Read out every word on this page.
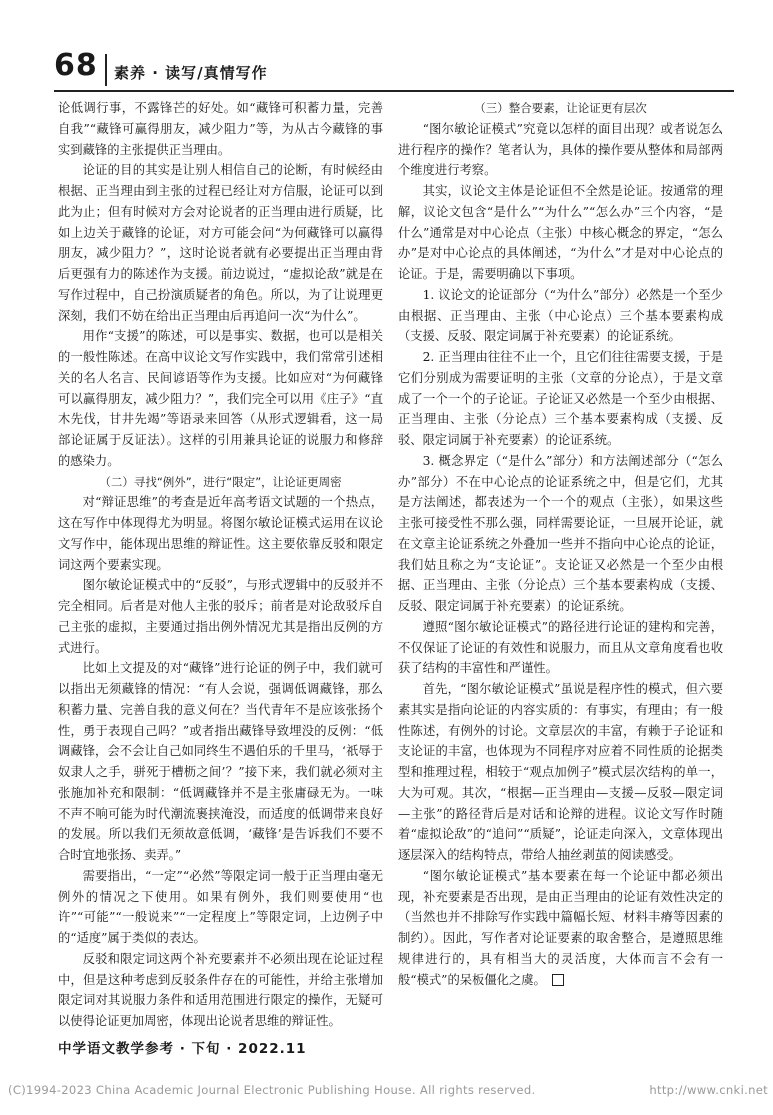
68 素养 · 读写/真情写作

论低调行事，不露锋芒的好处。如“藏锋可积蓄力量，完善自我”“藏锋可赢得朋友，减少阻力”等，为从古今藏锋的事实到藏锋的主张提供正当理由。

论证的目的其实是让别人相信自己的论断，有时候经由根据、正当理由到主张的过程已经让对方信服，论证可以到此为止；但有时候对方会对论说者的正当理由进行质疑，比如上边关于藏锋的论证，对方可能会问“为何藏锋可以赢得朋友，减少阻力？”，这时论说者就有必要提出正当理由背后更强有力的陈述作为支援。前边说过，“虚拟论敌”就是在写作过程中，自己扮演质疑者的角色。所以，为了让说理更深刻，我们不妨在给出正当理由后再追问一次“为什么”。

用作“支援”的陈述，可以是事实、数据，也可以是相关的一般性陈述。在高中议论文写作实践中，我们常常引述相关的名人名言、民间谚语等作为支援。比如应对“为何藏锋可以赢得朋友，减少阻力？”，我们完全可以用《庄子》“直木先伐，甘井先竭”等语录来回答（从形式逻辑看，这一局部论证属于反证法）。这样的引用兼具论证的说服力和修辞的感染力。

（二）寻找“例外”，进行“限定”，让论证更周密

对“辩证思维”的考查是近年高考语文试题的一个热点，这在写作中体现得尤为明显。将图尔敏论证模式运用在议论文写作中，能体现出思维的辩证性。这主要依靠反驳和限定词这两个要素实现。

图尔敏论证模式中的“反驳”，与形式逻辑中的反驳并不完全相同。后者是对他人主张的驳斥；前者是对论敌驳斥自己主张的虚拟，主要通过指出例外情况尤其是指出反例的方式进行。

比如上文提及的对“藏锋”进行论证的例子中，我们就可以指出无须藏锋的情况：“有人会说，强调低调藏锋，那么积蓄力量、完善自我的意义何在？当代青年不是应该张扬个性，勇于表现自己吗？”或者指出藏锋导致埋没的反例：“低调藏锋，会不会让自己如同终生不遇伯乐的千里马，‘祇辱于奴隶人之手，骈死于槽枥之间’？”接下来，我们就必须对主张施加补充和限制：“低调藏锋并不是主张庸碌无为。一味不声不响可能为时代潮流裹挟淹没，而适度的低调带来良好的发展。所以我们无须故意低调，‘藏锋’是告诉我们不要不合时宜地张扬、卖弄。”

需要指出，“一定”“必然”等限定词一般于正当理由毫无例外的情况之下使用。如果有例外，我们则要使用“也许”“可能”“一般说来”“一定程度上”等限定词，上边例子中的“适度”属于类似的表达。

反驳和限定词这两个补充要素并不必须出现在论证过程中，但是这种考虑到反驳条件存在的可能性，并给主张增加限定词对其说服力条件和适用范围进行限定的操作，无疑可以使得论证更加周密，体现出论说者思维的辩证性。

（三）整合要素，让论证更有层次

“图尔敏论证模式”究竟以怎样的面目出现？或者说怎么进行程序的操作？笔者认为，具体的操作要从整体和局部两个维度进行考察。

其实，议论文主体是论证但不全然是论证。按通常的理解，议论文包含“是什么”“为什么”“怎么办”三个内容，“是什么”通常是对中心论点（主张）中核心概念的界定，“怎么办”是对中心论点的具体阐述，“为什么”才是对中心论点的论证。于是，需要明确以下事项。

1. 议论文的论证部分（“为什么”部分）必然是一个至少由根据、正当理由、主张（中心论点）三个基本要素构成（支援、反驳、限定词属于补充要素）的论证系统。

2. 正当理由往往不止一个，且它们往往需要支援，于是它们分别成为需要证明的主张（文章的分论点），于是文章成了一个一个的子论证。子论证又必然是一个至少由根据、正当理由、主张（分论点）三个基本要素构成（支援、反驳、限定词属于补充要素）的论证系统。

3. 概念界定（“是什么”部分）和方法阐述部分（“怎么办”部分）不在中心论点的论证系统之中，但是它们，尤其是方法阐述，都表述为一个一个的观点（主张），如果这些主张可接受性不那么强，同样需要论证，一旦展开论证，就在文章主论证系统之外叠加一些并不指向中心论点的论证，我们姑且称之为“支论证”。支论证又必然是一个至少由根据、正当理由、主张（分论点）三个基本要素构成（支援、反驳、限定词属于补充要素）的论证系统。

遵照“图尔敏论证模式”的路径进行论证的建构和完善，不仅保证了论证的有效性和说服力，而且从文章角度看也收获了结构的丰富性和严谨性。

首先，“图尔敏论证模式”虽说是程序性的模式，但六要素其实是指向论证的内容实质的：有事实，有理由；有一般性陈述，有例外的讨论。文章层次的丰富，有赖于子论证和支论证的丰富，也体现为不同程序对应着不同性质的论据类型和推理过程，相较于“观点加例子”模式层次结构的单一，大为可观。其次，“根据—正当理由—支援—反驳—限定词—主张”的路径背后是对话和论辩的进程。议论文写作时随着“虚拟论敌”的“追问”“质疑”，论证走向深入，文章体现出逐层深入的结构特点，带给人抽丝剥茧的阅读感受。

“图尔敏论证模式”基本要素在每一个论证中都必须出现，补充要素是否出现，是由正当理由的论证有效性决定的（当然也并不排除写作实践中篇幅长短、材料丰瘠等因素的制约）。因此，写作者对论证要素的取舍整合，是遵照思维规律进行的，具有相当大的灵活度，大体而言不会有一般“模式”的呆板僵化之虞。

中学语文教学参考 · 下旬 · 2022.11
(C)1994-2023 China Academic Journal Electronic Publishing House. All rights reserved.	http://www.cnki.net
